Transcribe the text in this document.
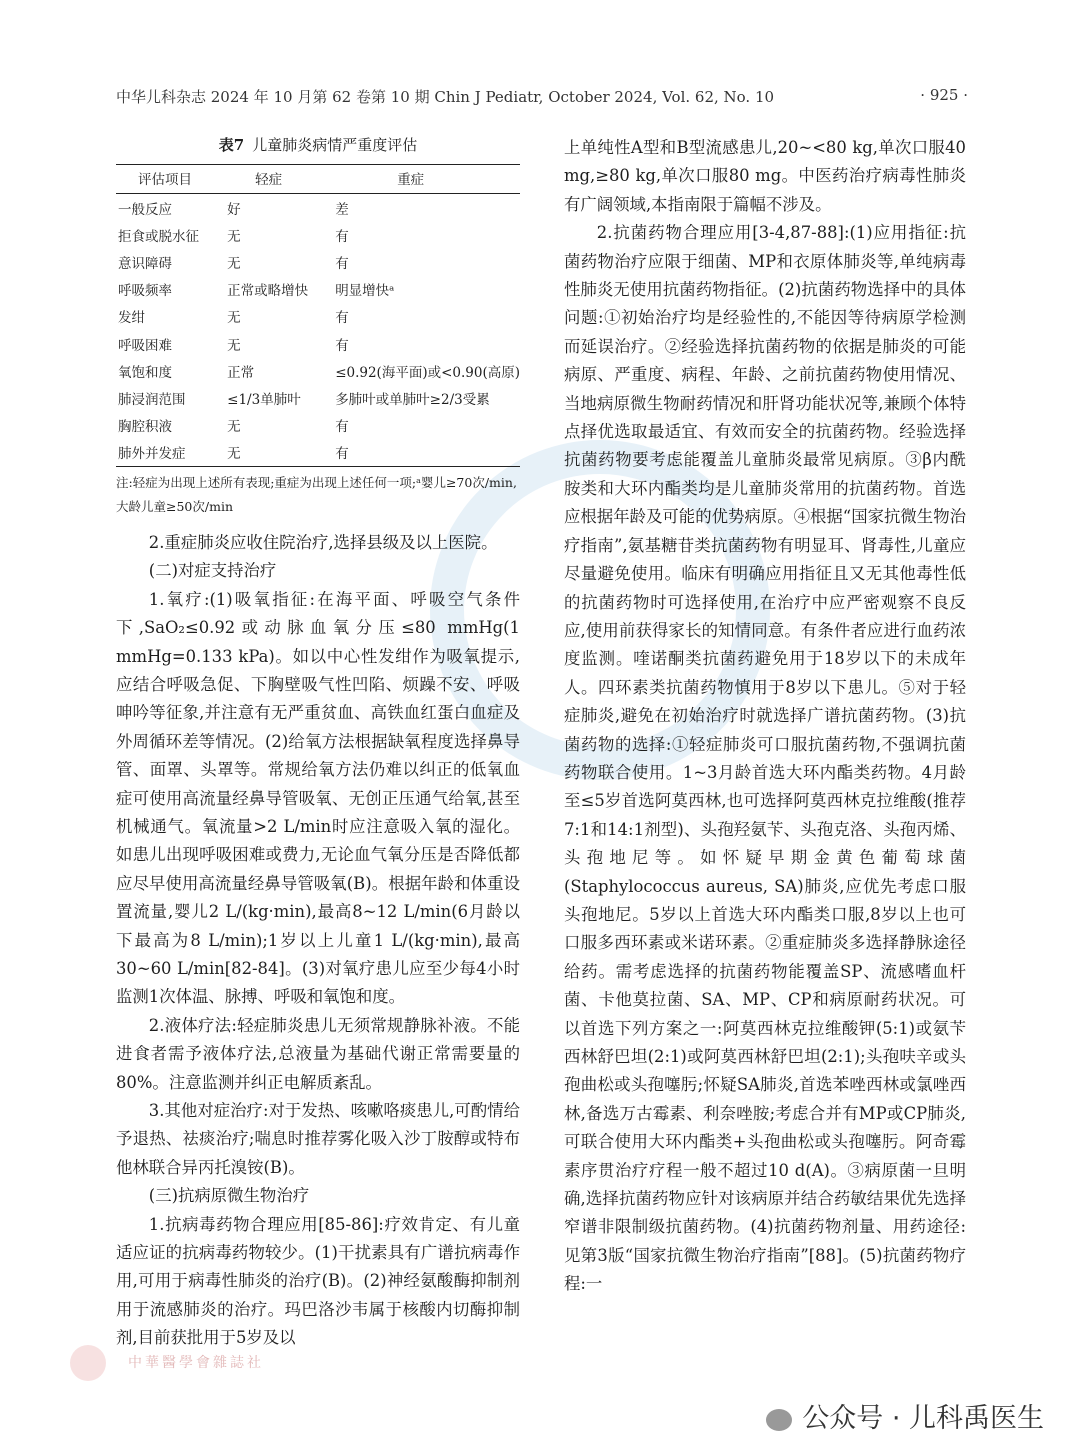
中华儿科杂志 2024 年 10 月第 62 卷第 10 期 Chin J Pediatr, October 2024, Vol. 62, No. 10	· 925 ·
表7 儿童肺炎病情严重度评估
评估项目	轻症	重症
一般反应	好	差
拒食或脱水征	无	有
意识障碍	无	有
呼吸频率	正常或略增快	明显增快ᵃ
发绀	无	有
呼吸困难	无	有
氧饱和度	正常	≤0.92(海平面)或<0.90(高原)
肺浸润范围	≤1/3单肺叶	多肺叶或单肺叶≥2/3受累
胸腔积液	无	有
肺外并发症	无	有
注:轻症为出现上述所有表现;重症为出现上述任何一项;ᵃ婴儿≥70次/min,大龄儿童≥50次/min

2.重症肺炎应收住院治疗,选择县级及以上医院。

(二)对症支持治疗

1.氧疗:(1)吸氧指征:在海平面、呼吸空气条件下,SaO₂≤0.92或动脉血氧分压≤80 mmHg(1 mmHg=0.133 kPa)。如以中心性发绀作为吸氧提示,应结合呼吸急促、下胸壁吸气性凹陷、烦躁不安、呼吸呻吟等征象,并注意有无严重贫血、高铁血红蛋白血症及外周循环差等情况。(2)给氧方法根据缺氧程度选择鼻导管、面罩、头罩等。常规给氧方法仍难以纠正的低氧血症可使用高流量经鼻导管吸氧、无创正压通气给氧,甚至机械通气。氧流量>2 L/min时应注意吸入氧的湿化。如患儿出现呼吸困难或费力,无论血气氧分压是否降低都应尽早使用高流量经鼻导管吸氧(B)。根据年龄和体重设置流量,婴儿2 L/(kg·min),最高8~12 L/min(6月龄以下最高为8 L/min);1岁以上儿童1 L/(kg·min),最高30~60 L/min[82-84]。(3)对氧疗患儿应至少每4小时监测1次体温、脉搏、呼吸和氧饱和度。

2.液体疗法:轻症肺炎患儿无须常规静脉补液。不能进食者需予液体疗法,总液量为基础代谢正常需要量的80%。注意监测并纠正电解质紊乱。

3.其他对症治疗:对于发热、咳嗽咯痰患儿,可酌情给予退热、祛痰治疗;喘息时推荐雾化吸入沙丁胺醇或特布他林联合异丙托溴铵(B)。

(三)抗病原微生物治疗

1.抗病毒药物合理应用[85-86]:疗效肯定、有儿童适应证的抗病毒药物较少。(1)干扰素具有广谱抗病毒作用,可用于病毒性肺炎的治疗(B)。(2)神经氨酸酶抑制剂用于流感肺炎的治疗。玛巴洛沙韦属于核酸内切酶抑制剂,目前获批用于5岁及以

上单纯性A型和B型流感患儿,20~<80 kg,单次口服40 mg,≥80 kg,单次口服80 mg。中医药治疗病毒性肺炎有广阔领域,本指南限于篇幅不涉及。

2.抗菌药物合理应用[3-4,87-88]:(1)应用指征:抗菌药物治疗应限于细菌、MP和衣原体肺炎等,单纯病毒性肺炎无使用抗菌药物指征。(2)抗菌药物选择中的具体问题:①初始治疗均是经验性的,不能因等待病原学检测而延误治疗。②经验选择抗菌药物的依据是肺炎的可能病原、严重度、病程、年龄、之前抗菌药物使用情况、当地病原微生物耐药情况和肝肾功能状况等,兼顾个体特点择优选取最适宜、有效而安全的抗菌药物。经验选择抗菌药物要考虑能覆盖儿童肺炎最常见病原。③β内酰胺类和大环内酯类均是儿童肺炎常用的抗菌药物。首选应根据年龄及可能的优势病原。④根据“国家抗微生物治疗指南”,氨基糖苷类抗菌药物有明显耳、肾毒性,儿童应尽量避免使用。临床有明确应用指征且又无其他毒性低的抗菌药物时可选择使用,在治疗中应严密观察不良反应,使用前获得家长的知情同意。有条件者应进行血药浓度监测。喹诺酮类抗菌药避免用于18岁以下的未成年人。四环素类抗菌药物慎用于8岁以下患儿。⑤对于轻症肺炎,避免在初始治疗时就选择广谱抗菌药物。(3)抗菌药物的选择:①轻症肺炎可口服抗菌药物,不强调抗菌药物联合使用。1~3月龄首选大环内酯类药物。4月龄至≤5岁首选阿莫西林,也可选择阿莫西林克拉维酸(推荐7:1和14:1剂型)、头孢羟氨苄、头孢克洛、头孢丙烯、头孢地尼等。如怀疑早期金黄色葡萄球菌(Staphylococcus aureus, SA)肺炎,应优先考虑口服头孢地尼。5岁以上首选大环内酯类口服,8岁以上也可口服多西环素或米诺环素。②重症肺炎多选择静脉途径给药。需考虑选择的抗菌药物能覆盖SP、流感嗜血杆菌、卡他莫拉菌、SA、MP、CP和病原耐药状况。可以首选下列方案之一:阿莫西林克拉维酸钾(5:1)或氨苄西林舒巴坦(2:1)或阿莫西林舒巴坦(2:1);头孢呋辛或头孢曲松或头孢噻肟;怀疑SA肺炎,首选苯唑西林或氯唑西林,备选万古霉素、利奈唑胺;考虑合并有MP或CP肺炎,可联合使用大环内酯类+头孢曲松或头孢噻肟。阿奇霉素序贯治疗疗程一般不超过10 d(A)。③病原菌一旦明确,选择抗菌药物应针对该病原并结合药敏结果优先选择窄谱非限制级抗菌药物。(4)抗菌药物剂量、用药途径:见第3版“国家抗微生物治疗指南”[88]。(5)抗菌药物疗程:一

中華醫學會雜誌社
公众号 · 儿科禹医生
